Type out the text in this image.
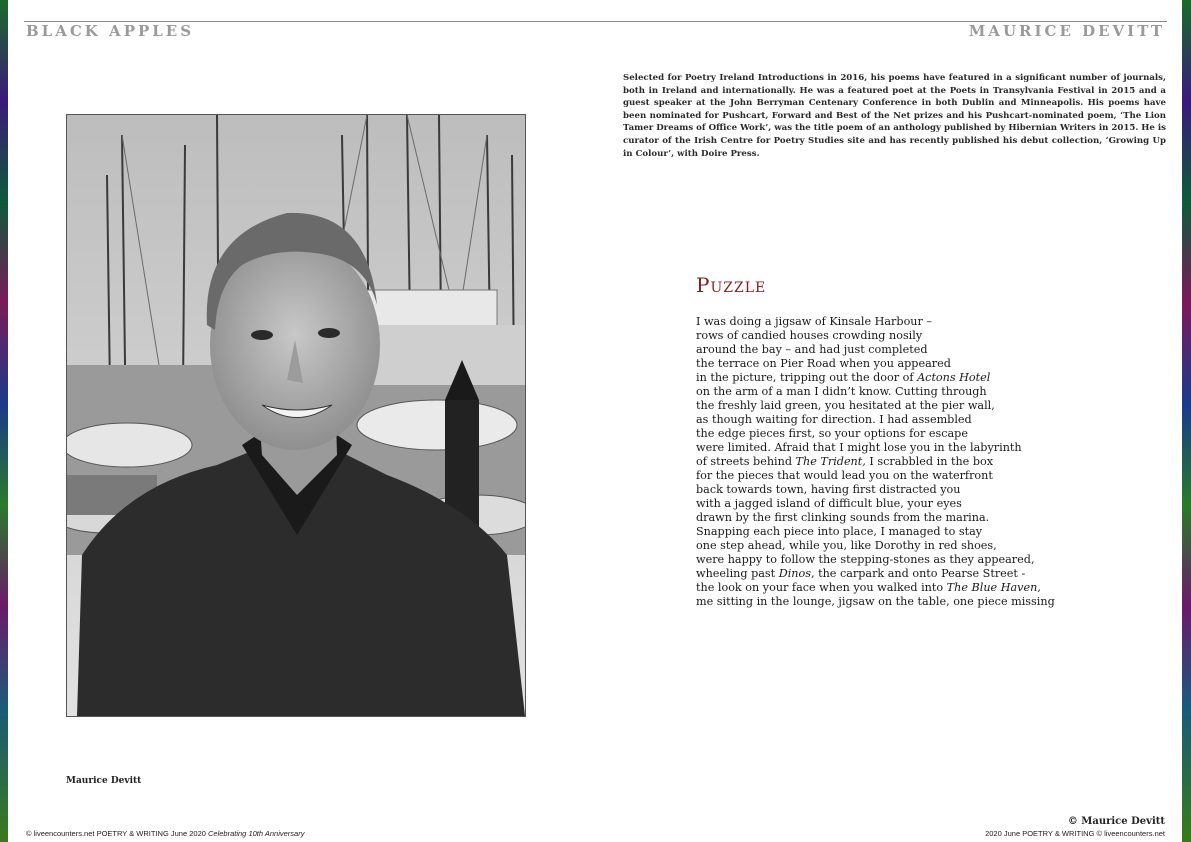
BLACK APPLES	MAURICE DEVITT

Selected for Poetry Ireland Introductions in 2016, his poems have featured in a significant number of journals, both in Ireland and internationally. He was a featured poet at the Poets in Transylvania Festival in 2015 and a guest speaker at the John Berryman Centenary Conference in both Dublin and Minneapolis. His poems have been nominated for Pushcart, Forward and Best of the Net prizes and his Pushcart-nominated poem, ‘The Lion Tamer Dreams of Office Work’, was the title poem of an anthology published by Hibernian Writers in 2015. He is curator of the Irish Centre for Poetry Studies site and has recently published his debut collection, ‘Growing Up in Colour’, with Doire Press.

Maurice Devitt

Puzzle
I was doing a jigsaw of Kinsale Harbour –
rows of candied houses crowding nosily
around the bay – and had just completed
the terrace on Pier Road when you appeared
in the picture, tripping out the door of Actons Hotel
on the arm of a man I didn’t know. Cutting through
the freshly laid green, you hesitated at the pier wall,
as though waiting for direction. I had assembled
the edge pieces first, so your options for escape
were limited. Afraid that I might lose you in the labyrinth
of streets behind The Trident, I scrabbled in the box
for the pieces that would lead you on the waterfront
back towards town, having first distracted you
with a jagged island of difficult blue, your eyes
drawn by the first clinking sounds from the marina.
Snapping each piece into place, I managed to stay
one step ahead, while you, like Dorothy in red shoes,
were happy to follow the stepping-stones as they appeared,
wheeling past Dinos, the carpark and onto Pearse Street -
the look on your face when you walked into The Blue Haven,
me sitting in the lounge, jigsaw on the table, one piece missing

© Maurice Devitt

© liveencounters.net POETRY & WRITING June 2020 Celebrating 10th Anniversary	2020 June POETRY & WRITING © liveencounters.net
